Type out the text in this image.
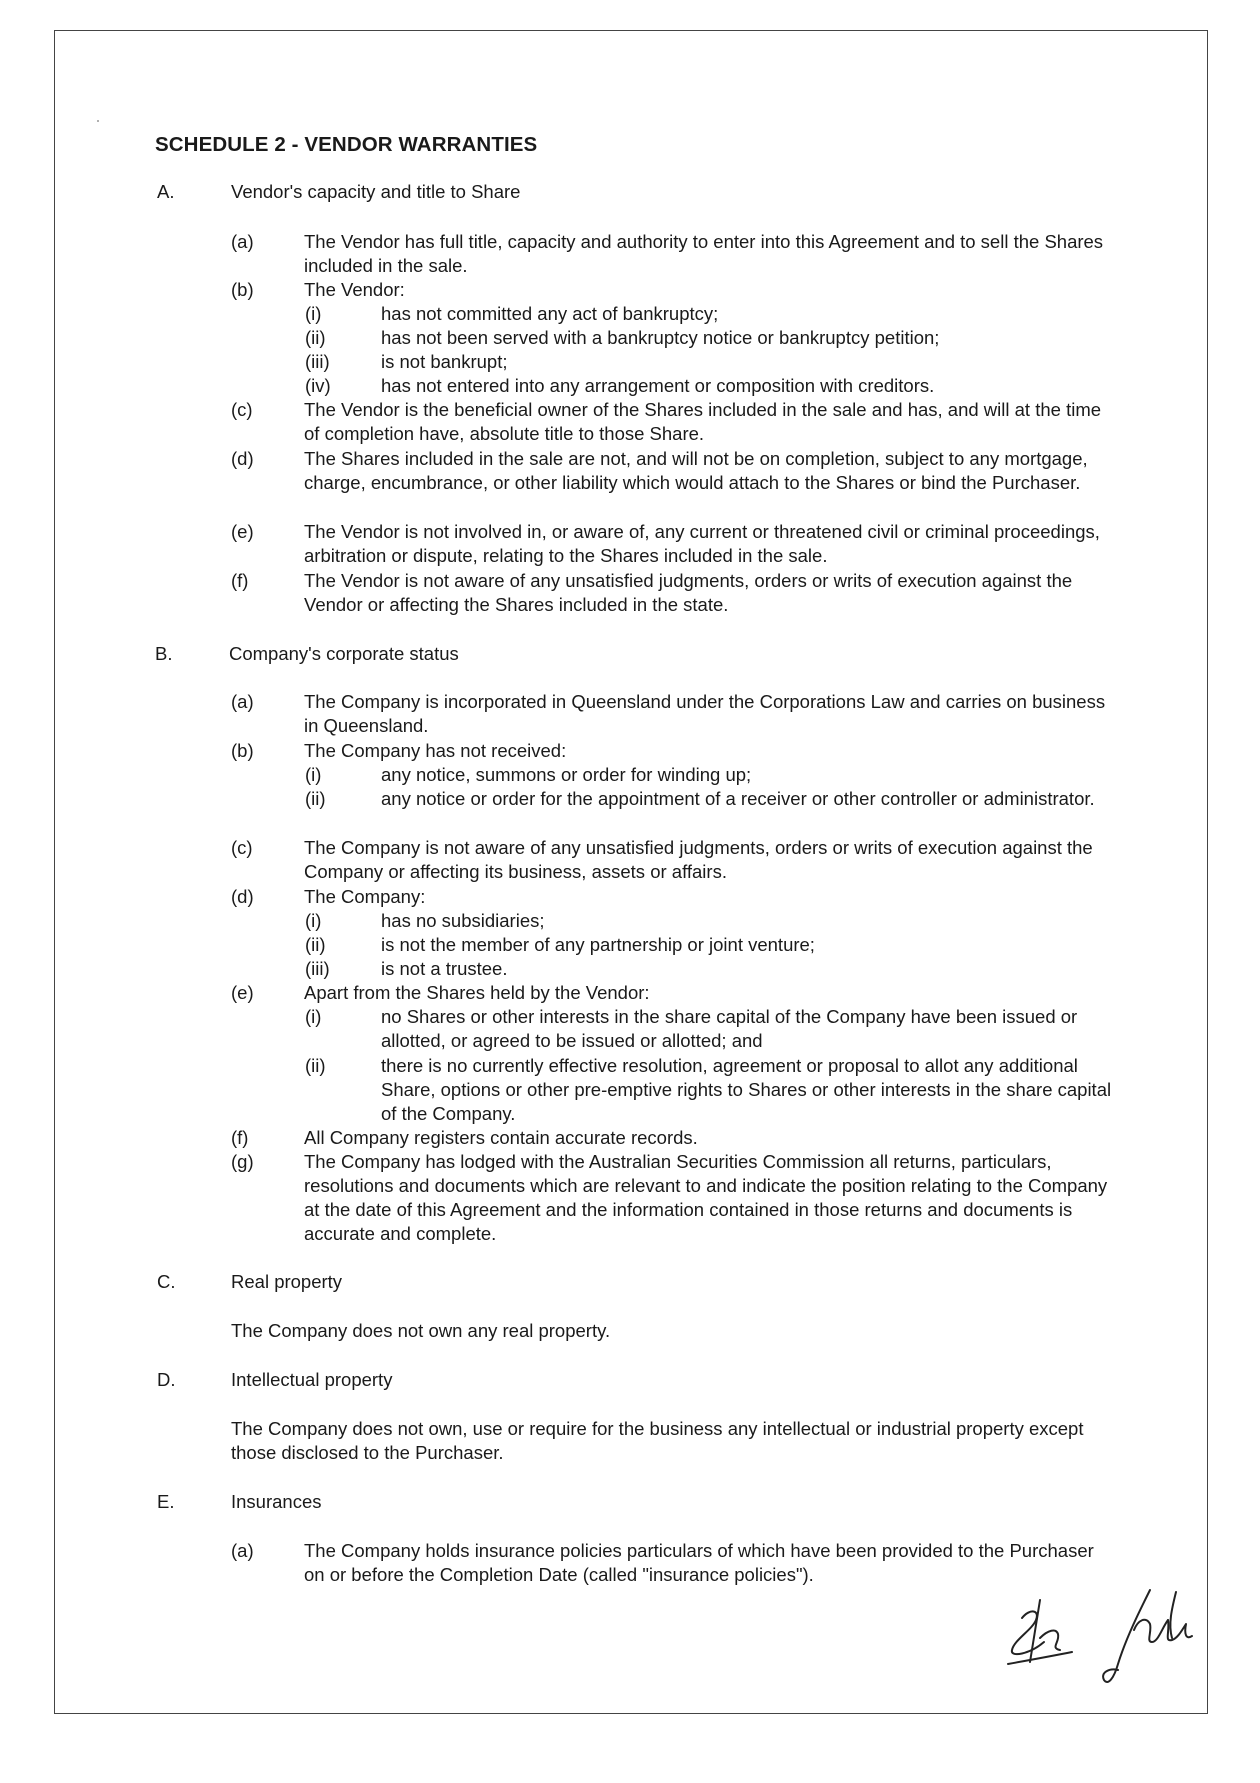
SCHEDULE 2 - VENDOR WARRANTIES
A.	Vendor's capacity and title to Share
(a)	The Vendor has full title, capacity and authority to enter into this Agreement and to sell the Shares included in the sale.
(b)	The Vendor:
(i)	has not committed any act of bankruptcy;
(ii)	has not been served with a bankruptcy notice or bankruptcy petition;
(iii)	is not bankrupt;
(iv)	has not entered into any arrangement or composition with creditors.
(c)	The Vendor is the beneficial owner of the Shares included in the sale and has, and will at the time of completion have, absolute title to those Share.
(d)	The Shares included in the sale are not, and will not be on completion, subject to any mortgage, charge, encumbrance, or other liability which would attach to the Shares or bind the Purchaser.
(e)	The Vendor is not involved in, or aware of, any current or threatened civil or criminal proceedings, arbitration or dispute, relating to the Shares included in the sale.
(f)	The Vendor is not aware of any unsatisfied judgments, orders or writs of execution against the Vendor or affecting the Shares included in the state.
B.	Company's corporate status
(a)	The Company is incorporated in Queensland under the Corporations Law and carries on business in Queensland.
(b)	The Company has not received:
(i)	any notice, summons or order for winding up;
(ii)	any notice or order for the appointment of a receiver or other controller or administrator.
(c)	The Company is not aware of any unsatisfied judgments, orders or writs of execution against the Company or affecting its business, assets or affairs.
(d)	The Company:
(i)	has no subsidiaries;
(ii)	is not the member of any partnership or joint venture;
(iii)	is not a trustee.
(e)	Apart from the Shares held by the Vendor:
(i)	no Shares or other interests in the share capital of the Company have been issued or allotted, or agreed to be issued or allotted; and
(ii)	there is no currently effective resolution, agreement or proposal to allot any additional Share, options or other pre-emptive rights to Shares or other interests in the share capital of the Company.
(f)	All Company registers contain accurate records.
(g)	The Company has lodged with the Australian Securities Commission all returns, particulars, resolutions and documents which are relevant to and indicate the position relating to the Company at the date of this Agreement and the information contained in those returns and documents is accurate and complete.
C.	Real property
The Company does not own any real property.
D.	Intellectual property
The Company does not own, use or require for the business any intellectual or industrial property except those disclosed to the Purchaser.
E.	Insurances
(a)	The Company holds insurance policies particulars of which have been provided to the Purchaser on or before the Completion Date (called "insurance policies").
